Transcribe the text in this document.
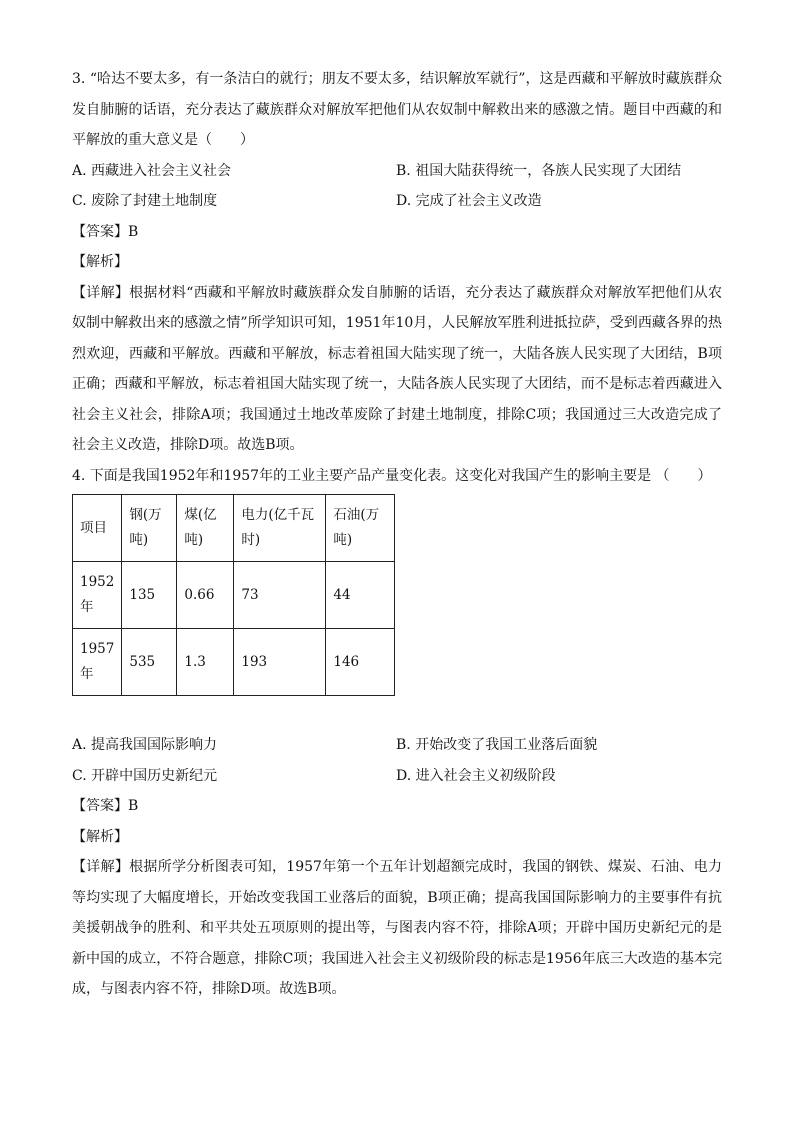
3. “哈达不要太多，有一条洁白的就行；朋友不要太多，结识解放军就行”，这是西藏和平解放时藏族群众发自肺腑的话语，充分表达了藏族群众对解放军把他们从农奴制中解救出来的感激之情。题目中西藏的和平解放的重大意义是（　　）

A. 西藏进入社会主义社会	B. 祖国大陆获得统一，各族人民实现了大团结
C. 废除了封建土地制度	D. 完成了社会主义改造

【答案】B

【解析】

【详解】根据材料“西藏和平解放时藏族群众发自肺腑的话语，充分表达了藏族群众对解放军把他们从农奴制中解救出来的感激之情”所学知识可知，1951年10月，人民解放军胜利进抵拉萨，受到西藏各界的热烈欢迎，西藏和平解放。西藏和平解放，标志着祖国大陆实现了统一，大陆各族人民实现了大团结，B项正确；西藏和平解放，标志着祖国大陆实现了统一，大陆各族人民实现了大团结，而不是标志着西藏进入社会主义社会，排除A项；我国通过土地改革废除了封建土地制度，排除C项；我国通过三大改造完成了社会主义改造，排除D项。故选B项。

4. 下面是我国1952年和1957年的工业主要产品产量变化表。这变化对我国产生的影响主要是 （　　）

项目	钢(万吨)	煤(亿吨)	电力(亿千瓦时)	石油(万吨)
1952年	135	0.66	73	44
1957年	535	1.3	193	146
A. 提高我国国际影响力	B. 开始改变了我国工业落后面貌
C. 开辟中国历史新纪元	D. 进入社会主义初级阶段

【答案】B

【解析】

【详解】根据所学分析图表可知，1957年第一个五年计划超额完成时，我国的钢铁、煤炭、石油、电力等均实现了大幅度增长，开始改变我国工业落后的面貌，B项正确；提高我国国际影响力的主要事件有抗美援朝战争的胜利、和平共处五项原则的提出等，与图表内容不符，排除A项；开辟中国历史新纪元的是新中国的成立，不符合题意，排除C项；我国进入社会主义初级阶段的标志是1956年底三大改造的基本完成，与图表内容不符，排除D项。故选B项。
